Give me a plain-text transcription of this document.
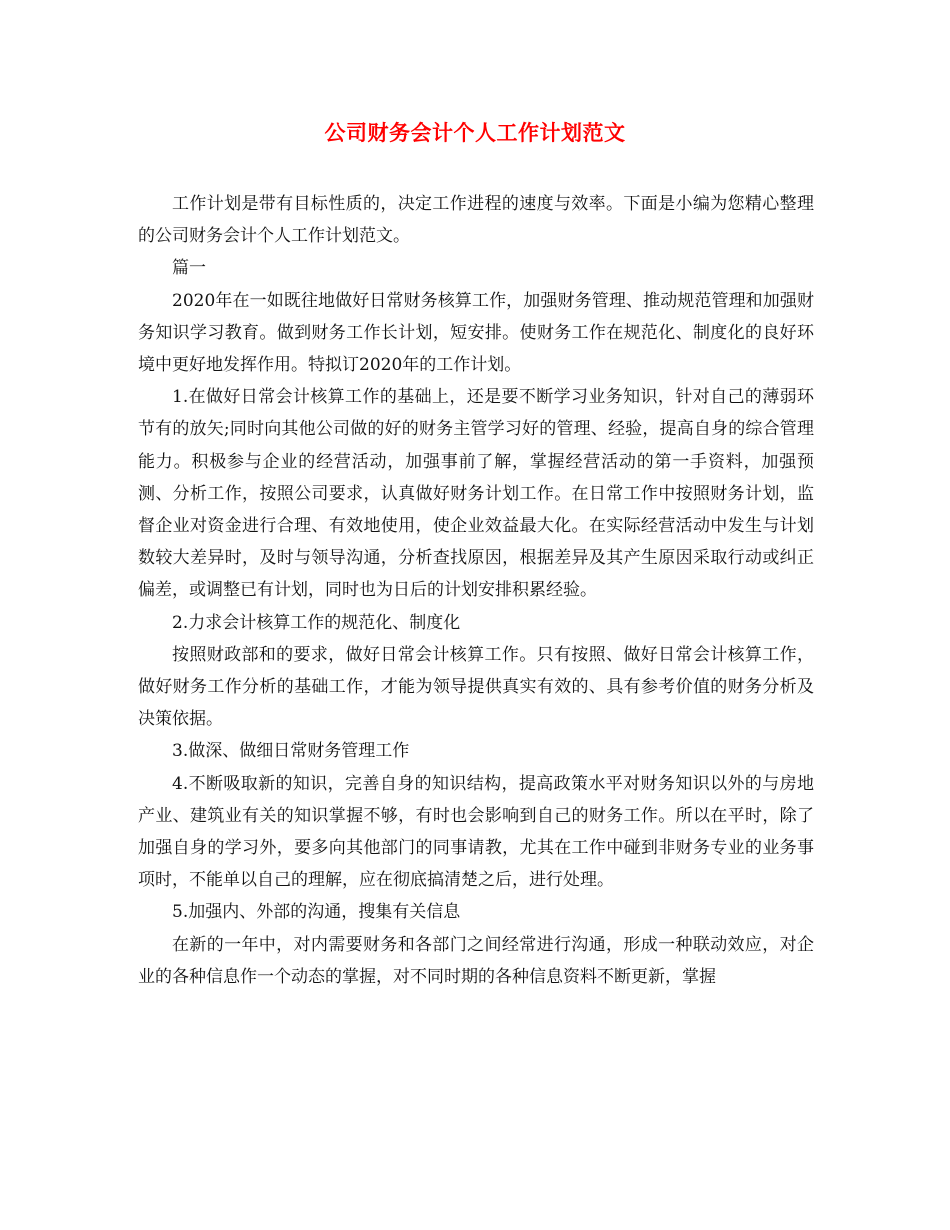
公司财务会计个人工作计划范文

工作计划是带有目标性质的，决定工作进程的速度与效率。下面是小编为您精心整理的公司财务会计个人工作计划范文。

篇一

2020年在一如既往地做好日常财务核算工作，加强财务管理、推动规范管理和加强财务知识学习教育。做到财务工作长计划，短安排。使财务工作在规范化、制度化的良好环境中更好地发挥作用。特拟订2020年的工作计划。

1.在做好日常会计核算工作的基础上，还是要不断学习业务知识，针对自己的薄弱环节有的放矢;同时向其他公司做的好的财务主管学习好的管理、经验，提高自身的综合管理能力。积极参与企业的经营活动，加强事前了解，掌握经营活动的第一手资料，加强预测、分析工作，按照公司要求，认真做好财务计划工作。在日常工作中按照财务计划，监督企业对资金进行合理、有效地使用，使企业效益最大化。在实际经营活动中发生与计划数较大差异时，及时与领导沟通，分析查找原因，根据差异及其产生原因采取行动或纠正偏差，或调整已有计划，同时也为日后的计划安排积累经验。

2.力求会计核算工作的规范化、制度化

按照财政部和的要求，做好日常会计核算工作。只有按照、做好日常会计核算工作，做好财务工作分析的基础工作，才能为领导提供真实有效的、具有参考价值的财务分析及决策依据。

3.做深、做细日常财务管理工作

4.不断吸取新的知识，完善自身的知识结构，提高政策水平对财务知识以外的与房地产业、建筑业有关的知识掌握不够，有时也会影响到自己的财务工作。所以在平时，除了加强自身的学习外，要多向其他部门的同事请教，尤其在工作中碰到非财务专业的业务事项时，不能单以自己的理解，应在彻底搞清楚之后，进行处理。

5.加强内、外部的沟通，搜集有关信息

在新的一年中，对内需要财务和各部门之间经常进行沟通，形成一种联动效应，对企业的各种信息作一个动态的掌握，对不同时期的各种信息资料不断更新，掌握
